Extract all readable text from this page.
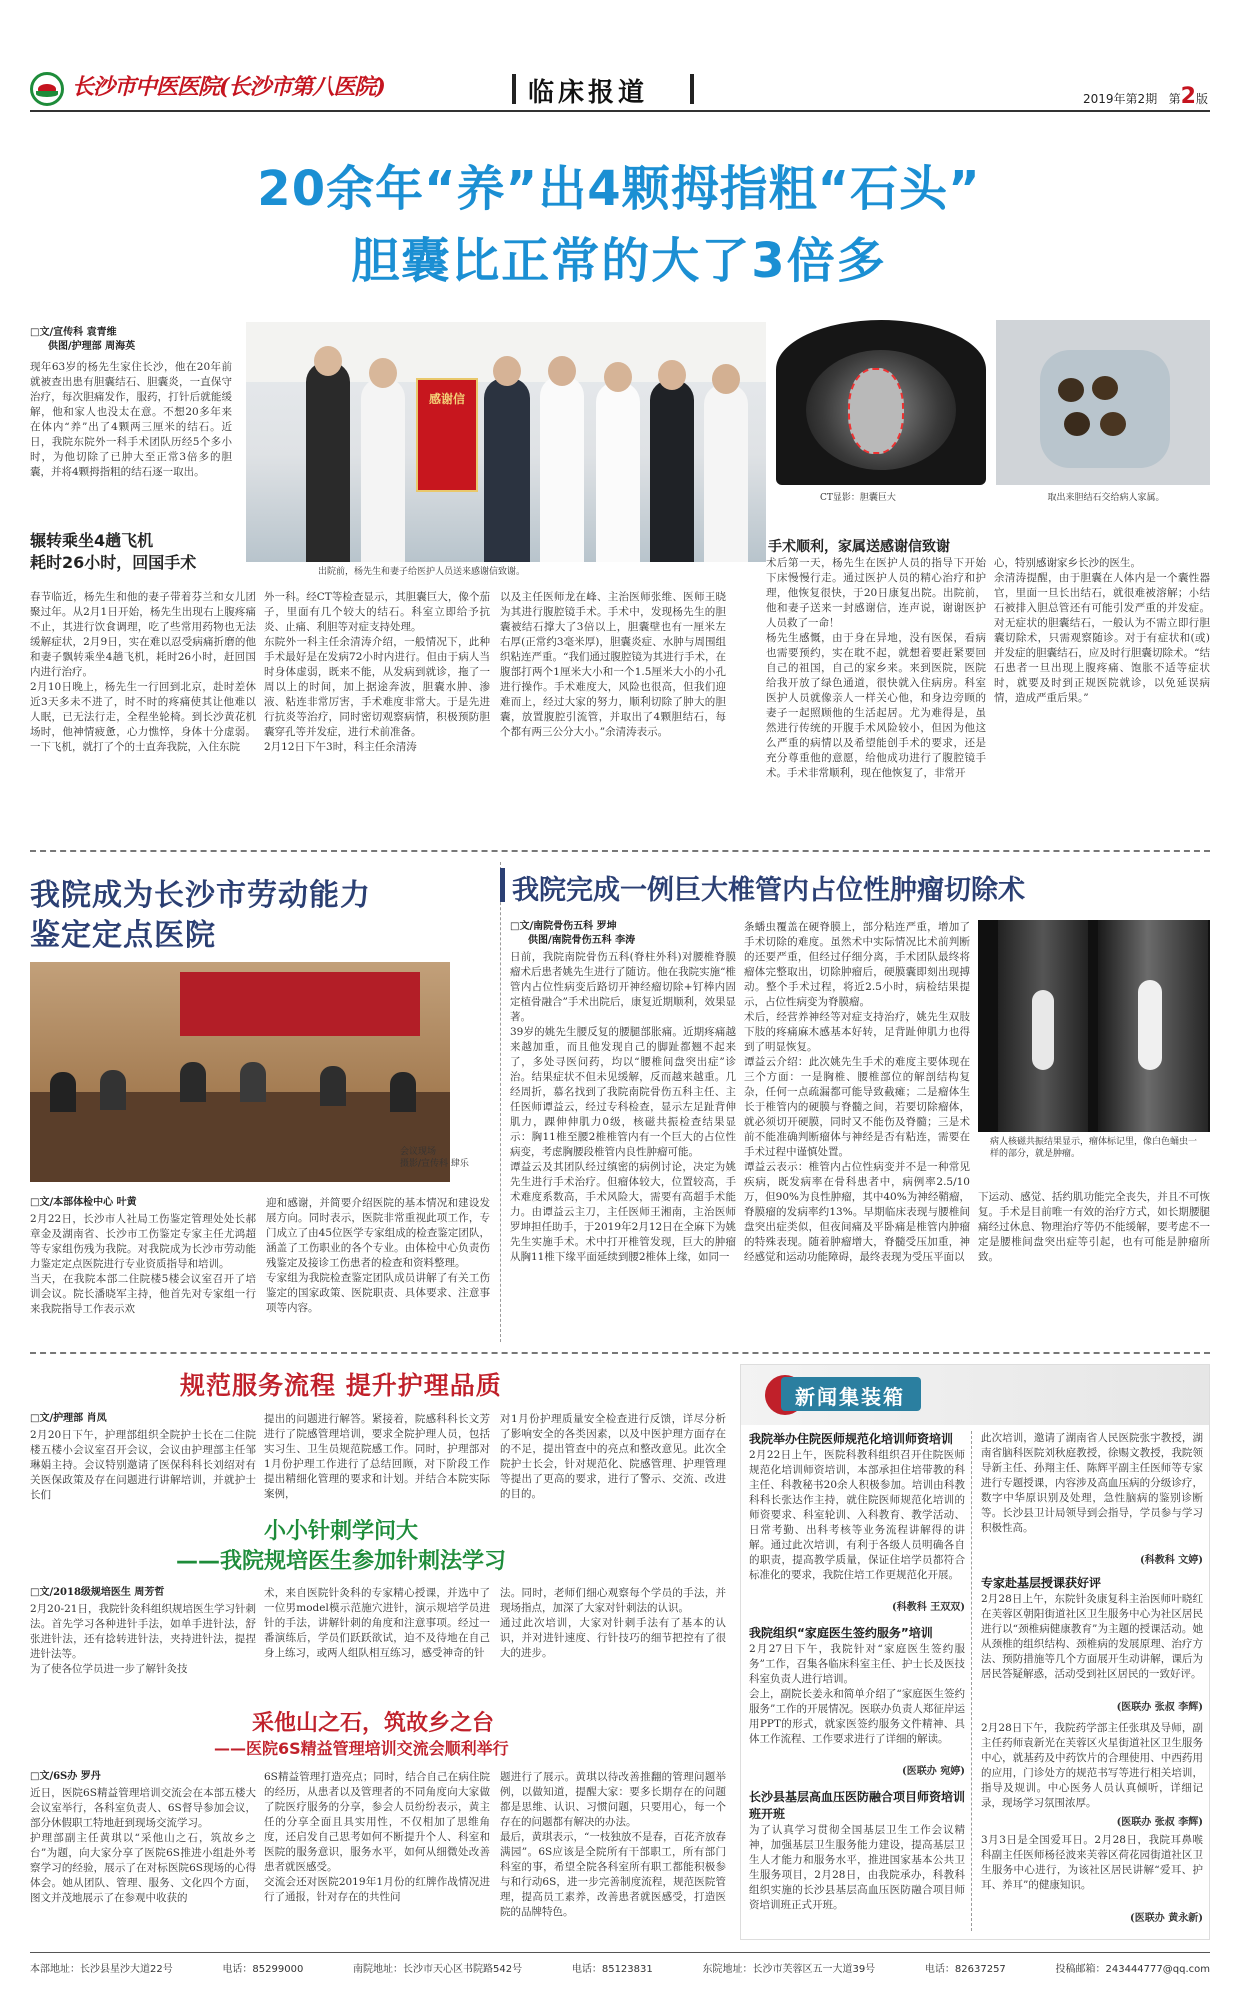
长沙市中医医院(长沙市第八医院)	临床报道	2019年第2期 第2版
20余年“养”出4颗拇指粗“石头”
胆囊比正常的大了3倍多
□文/宣传科 袁青维
供图/护理部 周海英
现年63岁的杨先生家住长沙，他在20年前就被查出患有胆囊结石、胆囊炎，一直保守治疗，每次胆痛发作，服药，打针后就能缓解，他和家人也没太在意。不想20多年来在体内“养”出了4颗两三厘米的结石。近日，我院东院外一科手术团队历经5个多小时，为他切除了已肿大至正常3倍多的胆囊，并将4颗拇指粗的结石逐一取出。
辗转乘坐4趟飞机
耗时26小时，回国手术
感谢信
出院前，杨先生和妻子给医护人员送来感谢信致谢。
CT显影：胆囊巨大	取出来胆结石交给病人家属。
手术顺利，家属送感谢信致谢
春节临近，杨先生和他的妻子带着芬兰和女儿团聚过年。从2月1日开始，杨先生出现右上腹疼痛不止，其进行饮食调理，吃了些常用药物也无法缓解症状，2月9日，实在难以忍受病痛折磨的他和妻子飘转乘坐4趟飞机，耗时26小时，赶回国内进行治疗。
2月10日晚上，杨先生一行回到北京，赴时差休近3天多未不进了，时不时的疼痛使其让他难以人眠，已无法行走，全程坐轮椅。到长沙黄花机场时，他神情疲惫，心力憔悴，身体十分虚弱。一下飞机，就打了个的士直奔我院，入住东院
外一科。经CT等检查显示，其胆囊巨大，像个茄子，里面有几个较大的结石。科室立即给予抗炎、止痛、利胆等对症支持处理。
东院外一科主任余清涛介绍，一般情况下，此种手术最好是在发病72小时内进行。但由于病人当时身体虚弱，既来不能，从发病到就诊，拖了一周以上的时间，加上据途奔波，胆囊水肿、渗液、粘连非常厉害，手术难度非常大。于是先进行抗炎等治疗，同时密切观察病情，积极预防胆囊穿孔等并发症，进行术前准备。
2月12日下午3时，科主任余清涛
以及主任医师龙在峰、主治医师张维、医师王晓为其进行腹腔镜手术。手术中，发现杨先生的胆囊被结石撑大了3倍以上，胆囊壁也有一厘米左右厚(正常约3毫米厚)，胆囊炎症、水肿与周围组织粘连严重。“我们通过腹腔镜为其进行手术，在腹部打两个1厘米大小和一个1.5厘米大小的小孔进行操作。手术难度大，风险也很高，但我们迎难而上，经过大家的努力，顺利切除了肿大的胆囊，放置腹腔引流管，并取出了4颗胆结石，每个都有两三公分大小。”余清涛表示。
术后第一天，杨先生在医护人员的指导下开始下床慢慢行走。通过医护人员的精心治疗和护理，他恢复很快，于20日康复出院。出院前，他和妻子送来一封感谢信，连声说，谢谢医护人员救了一命！
杨先生感慨，由于身在异地，没有医保，看病也需要预约，实在耽不起，就想着要赶紧要回自己的祖国，自己的家乡来。来到医院，医院给我开放了绿色通道，很快就入住病房。科室医护人员就像亲人一样关心他，和身边旁顾的妻子一起照顾他的生活起居。尤为难得是，虽然进行传统的开腹手术风险较小，但因为他这么严重的病情以及希望能创手术的要求，还是充分尊重他的意愿，给他成功进行了腹腔镜手术。手术非常顺利，现在他恢复了，非常开
心，特别感谢家乡长沙的医生。
余清涛提醒，由于胆囊在人体内是一个囊性器官，里面一旦长出结石，就很难被溶解；小结石被排入胆总管还有可能引发严重的并发症。对无症状的胆囊结石，一般认为不需立即行胆囊切除术，只需观察随诊。对于有症状和(或)并发症的胆囊结石，应及时行胆囊切除术。“结石患者一旦出现上腹疼痛、饱胀不适等症状时，就要及时到正规医院就诊，以免延误病情，造成严重后果。”
我院成为长沙市劳动能力
鉴定定点医院
会议现场
摄影/宣传科 肆乐
□文/本部体检中心 叶黄
2月22日，长沙市人社局工伤鉴定管理处处长郝章金及湖南省、长沙市工伤鉴定专家主任尤鸿超等专家组伤残为我院。对我院成为长沙市劳动能力鉴定定点医院进行专业资质指导和培训。
当天，在我院本部二住院楼5楼会议室召开了培训会议。院长潘晓军主持，他首先对专家组一行来我院指导工作表示欢
迎和感谢，并简要介绍医院的基本情况和建设发展方向。同时表示，医院非常重视此项工作，专门成立了由45位医学专家组成的检查鉴定团队，涵盖了工伤职业的各个专业。由体检中心负责伤残鉴定及接诊工伤患者的检查和资料整理。
专家组为我院检查鉴定团队成员讲解了有关工伤鉴定的国家政策、医院职责、具体要求、注意事项等内容。
我院完成一例巨大椎管内占位性肿瘤切除术
□文/南院骨伤五科 罗坤
供图/南院骨伤五科 李涛
日前，我院南院骨伤五科(脊柱外科)对腰椎脊膜瘤术后患者姚先生进行了随访。他在我院实施“椎管内占位性病变后路切开神经瘤切除+钉棒内固定植骨融合”手术出院后，康复近期顺利，效果显著。
39岁的姚先生腰反复的腰腿部胀痛。近期疼痛越来越加重，而且他发现自己的脚趾都翘不起来了，多处寻医问药，均以“腰椎间盘突出症”诊治。结果症状不但未见缓解，反而越来越重。几经周折，慕名找到了我院南院骨伤五科主任、主任医师谭益云，经过专科检查，显示左足趾背伸肌力，踝伸伸肌力0级，核磁共振检查结果显示：胸11椎至腰2椎椎管内有一个巨大的占位性病变，考虑胸腰段椎管内良性肿瘤可能。
谭益云及其团队经过缜密的病例讨论，决定为姚先生进行手术治疗。但瘤体较大，位置较高，手术难度系数高，手术风险大，需要有高超手术能力。由谭益云主刀，主任医师王湘南，主治医师罗坤担任助手，于2019年2月12日在全麻下为姚先生实施手术。术中打开椎管发现，巨大的肿瘤从胸11椎下缘平面延续到腰2椎体上缘，如同一
条蟠虫覆盖在硬脊膜上，部分粘连严重，增加了手术切除的难度。虽然术中实际情况比术前判断的还要严重，但经过仔细分离，手术团队最终将瘤体完整取出，切除肿瘤后，硬膜囊即刻出现搏动。整个手术过程，将近2.5小时，病检结果提示，占位性病变为脊膜瘤。
术后，经营养神经等对症支持治疗，姚先生双肢下肢的疼痛麻木感基本好转，足背趾伸肌力也得到了明显恢复。
谭益云介绍：此次姚先生手术的难度主要体现在三个方面：一是胸椎、腰椎部位的解剖结构复杂，任何一点疏漏都可能导致截瘫；二是瘤体生长于椎管内的硬膜与脊髓之间，若要切除瘤体，就必须切开硬膜，同时又不能伤及脊髓；三是术前不能准确判断瘤体与神经是否有粘连，需要在手术过程中谨慎处置。
谭益云表示：椎管内占位性病变并不是一种常见疾病，既发病率在骨科患者中，病例率2.5/10万，但90%为良性肿瘤，其中40%为神经鞘瘤，脊膜瘤的发病率约13%。早期临床表现与腰椎间盘突出症类似，但夜间痛及平卧痛是椎管内肿瘤的特殊表现。随着肿瘤增大，脊髓受压加重，神经感觉和运动功能障碍，最终表现为受压平面以
病人核磁共振结果显示，瘤体标记里，像白色蛹虫一样的部分，就是肿瘤。
下运动、感觉、括约肌功能完全丧失，并且不可恢复。手术是目前唯一有效的治疗方式，如长期腰腿痛经过休息、物理治疗等仍不能缓解，要考虑不一定是腰椎间盘突出症等引起，也有可能是肿瘤所致。
规范服务流程 提升护理品质
□文/护理部 肖凤
2月20日下午，护理部组织全院护士长在二住院楼五楼小会议室召开会议，会议由护理部主任邹琳娟主持。会议特别邀请了医保科科长刘绍对有关医保政策及存在问题进行讲解培训，并就护士长们
提出的问题进行解答。紧接着，院感科科长文芳进行了院感管理培训，要求全院护理人员，包括实习生、卫生员规范院感工作。同时，护理部对1月份护理工作进行了总结回顾，对下阶段工作提出精细化管理的要求和计划。并结合本院实际案例，
对1月份护理质量安全检查进行反馈，详尽分析了影响安全的各类因素，以及中医护理方面存在的不足，提出管查中的亮点和整改意见。此次全院护士长会，针对规范化、院感管理、护理管理等提出了更高的要求，进行了警示、交流、改进的目的。
小小针刺学问大
——我院规培医生参加针刺法学习
□文/2018级规培医生 周芳哲
2月20-21日，我院针灸科组织规培医生学习针刺法。首先学习各种进针手法，如单手进针法，舒张进针法，还有捻转进针法，夹持进针法，提捏进针法等。
为了使各位学员进一步了解针灸技
术，来自医院针灸科的专家精心授课，并选中了一位男model模示范施穴进针，演示规培学员进针的手法，讲解针刺的角度和注意事项。经过一番演练后，学员们跃跃欲试，迫不及待地在自己身上练习，或两人组队相互练习，感受神奇的针
法。同时，老师们细心观察每个学员的手法，并现场指点，加深了大家对针刺法的认识。
通过此次培训，大家对针刺手法有了基本的认识，并对进针速度、行针技巧的细节把控有了很大的进步。
采他山之石，筑故乡之台
——医院6S精益管理培训交流会顺利举行
□文/6S办 罗丹
近日，医院6S精益管理培训交流会在本部五楼大会议室举行，各科室负责人、6S督导参加会议，部分休假职工特地赶到现场交流学习。
护理部副主任黄琪以“采他山之石，筑故乡之台”为题，向大家分享了医院6S推进小组赴外考察学习的经验，展示了在对标医院6S现场的心得体会。她从团队、管理、服务、文化四个方面，图文并茂地展示了在参观中收获的
6S精益管理打造亮点；同时，结合自己在病住院的经历，从患者以及管理者的不同角度向大家做了院医疗服务的分享，参会人员纷纷表示，黄主任的分享全面且具实用性，不仅相加了思维角度，还启发自己思考如何不断提升个人、科室和医院的服务意识，服务水平，如何从细微处改善患者就医感受。
交流会还对医院2019年1月份的红牌作战情况进行了通报，针对存在的共性问
题进行了展示。黄琪以待改善推翻的管理问题举例，以做知道，提醒大家：要多长期存在的问题都是思维、认识、习惯问题，只要用心，每一个存在的问题都有解决的办法。
最后，黄琪表示，“一枝独放不是春，百花齐放春满园”。6S应该是全院所有干部职工，所有部门科室的事，希望全院各科室所有职工都能积极参与和行动6S，进一步完善制度流程，规范医院管理，提高员工素养，改善患者就医感受，打造医院的品牌特色。
新闻集装箱
我院举办住院医师规范化培训师资培训
2月22日上午，医院科教科组织召开住院医师规范化培训师资培训，本部承担住培带教的科主任、科教秘书20余人积极参加。培训由科教科科长张达作主持，就住院医师规范化培训的师资要求、科室轮训、入科教育、教学活动、日常考勤、出科考核等业务流程讲解得的讲解。通过此次培训，有利于各级人员明确各自的职责，提高教学质量，保证住培学员都符合标准化的要求，我院住培工作更规范化开展。
(科教科 王双双)
我院组织“家庭医生签约服务”培训
2月27日下午，我院针对“家庭医生签约服务”工作，召集各临床科室主任、护士长及医技科室负责人进行培训。
会上，副院长姜永和简单介绍了“家庭医生签约服务”工作的开展情况。医联办负责人郑征岸运用PPT的形式，就家医签约服务文件精神、具体工作流程、工作要求进行了详细的解读。
(医联办 宛婷)
长沙县基层高血压医防融合项目师资培训班开班
为了认真学习贯彻全国基层卫生工作会议精神，加强基层卫生服务能力建设，提高基层卫生人才能力和服务水平，推进国家基本公共卫生服务项目，2月28日，由我院承办，科教科组织实施的长沙县基层高血压医防融合项目师资培训班正式开班。
此次培训，邀请了湖南省人民医院张宇教授，湖南省脑科医院刘秋庭教授，徐赐文教授，我院领导新主任、孙翔主任、陈辉平副主任医师等专家进行专题授课，内容涉及高血压病的分级诊疗，数字中华原识别及处理，急性脑病的鉴别诊断等。长沙县卫计局领导到会指导，学员参与学习积极性高。
(科教科 文婷)
专家赴基层授课获好评
2月28日上午，东院针灸康复科主治医师叶晓红在芙蓉区朝阳街道社区卫生服务中心为社区居民进行以“颈椎病健康教育”为主题的授课活动。她从颈椎的组织结构、颈椎病的发展原理、治疗方法、预防措施等几个方面展开生动讲解，课后为居民答疑解惑，活动受到社区居民的一致好评。
(医联办 张叔 李辉)
2月28日下午，我院药学部主任张琪及导师，副主任药师袁新光在芙蓉区火星街道社区卫生服务中心，就基药及中药饮片的合理使用、中西药用的应用，门诊处方的规范书写等进行相关培训，指导及规训。中心医务人员认真倾听，详细记录，现场学习氛围浓厚。
(医联办 张叔 李辉)
3月3日是全国爱耳日。2月28日，我院耳鼻喉科副主任医师杨径波来芙蓉区荷花园街道社区卫生服务中心进行，为该社区居民讲解“爱耳、护耳、养耳”的健康知识。
(医联办 黄永新)
本部地址：长沙县星沙大道22号	电话：85299000	南院地址：长沙市天心区书院路542号	电话：85123831	东院地址：长沙市芙蓉区五一大道39号	电话：82637257	投稿邮箱：243444777@qq.com
